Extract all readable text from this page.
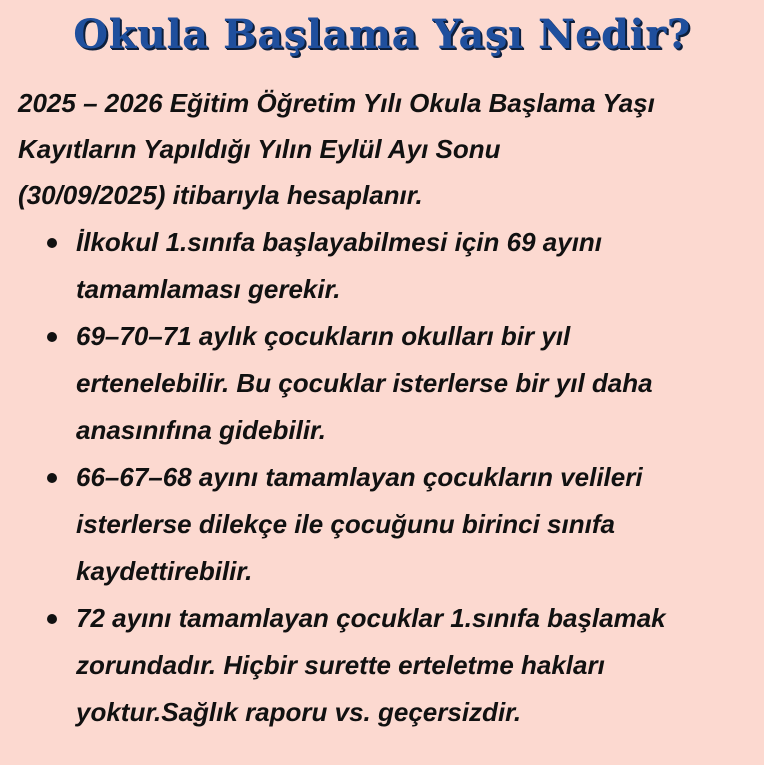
Okula Başlama Yaşı Nedir?
2025 – 2026 Eğitim Öğretim Yılı Okula Başlama Yaşı
Kayıtların Yapıldığı Yılın Eylül Ayı Sonu
(30/09/2025) itibarıyla hesaplanır.
İlkokul 1.sınıfa başlayabilmesi için 69 ayını
tamamlaması gerekir.
69–70–71 aylık çocukların okulları bir yıl
ertenelebilir. Bu çocuklar isterlerse bir yıl daha
anasınıfına gidebilir.
66–67–68 ayını tamamlayan çocukların velileri
isterlerse dilekçe ile çocuğunu birinci sınıfa
kaydettirebilir.
72 ayını tamamlayan çocuklar 1.sınıfa başlamak
zorundadır. Hiçbir surette erteletme hakları
yoktur.Sağlık raporu vs. geçersizdir.
